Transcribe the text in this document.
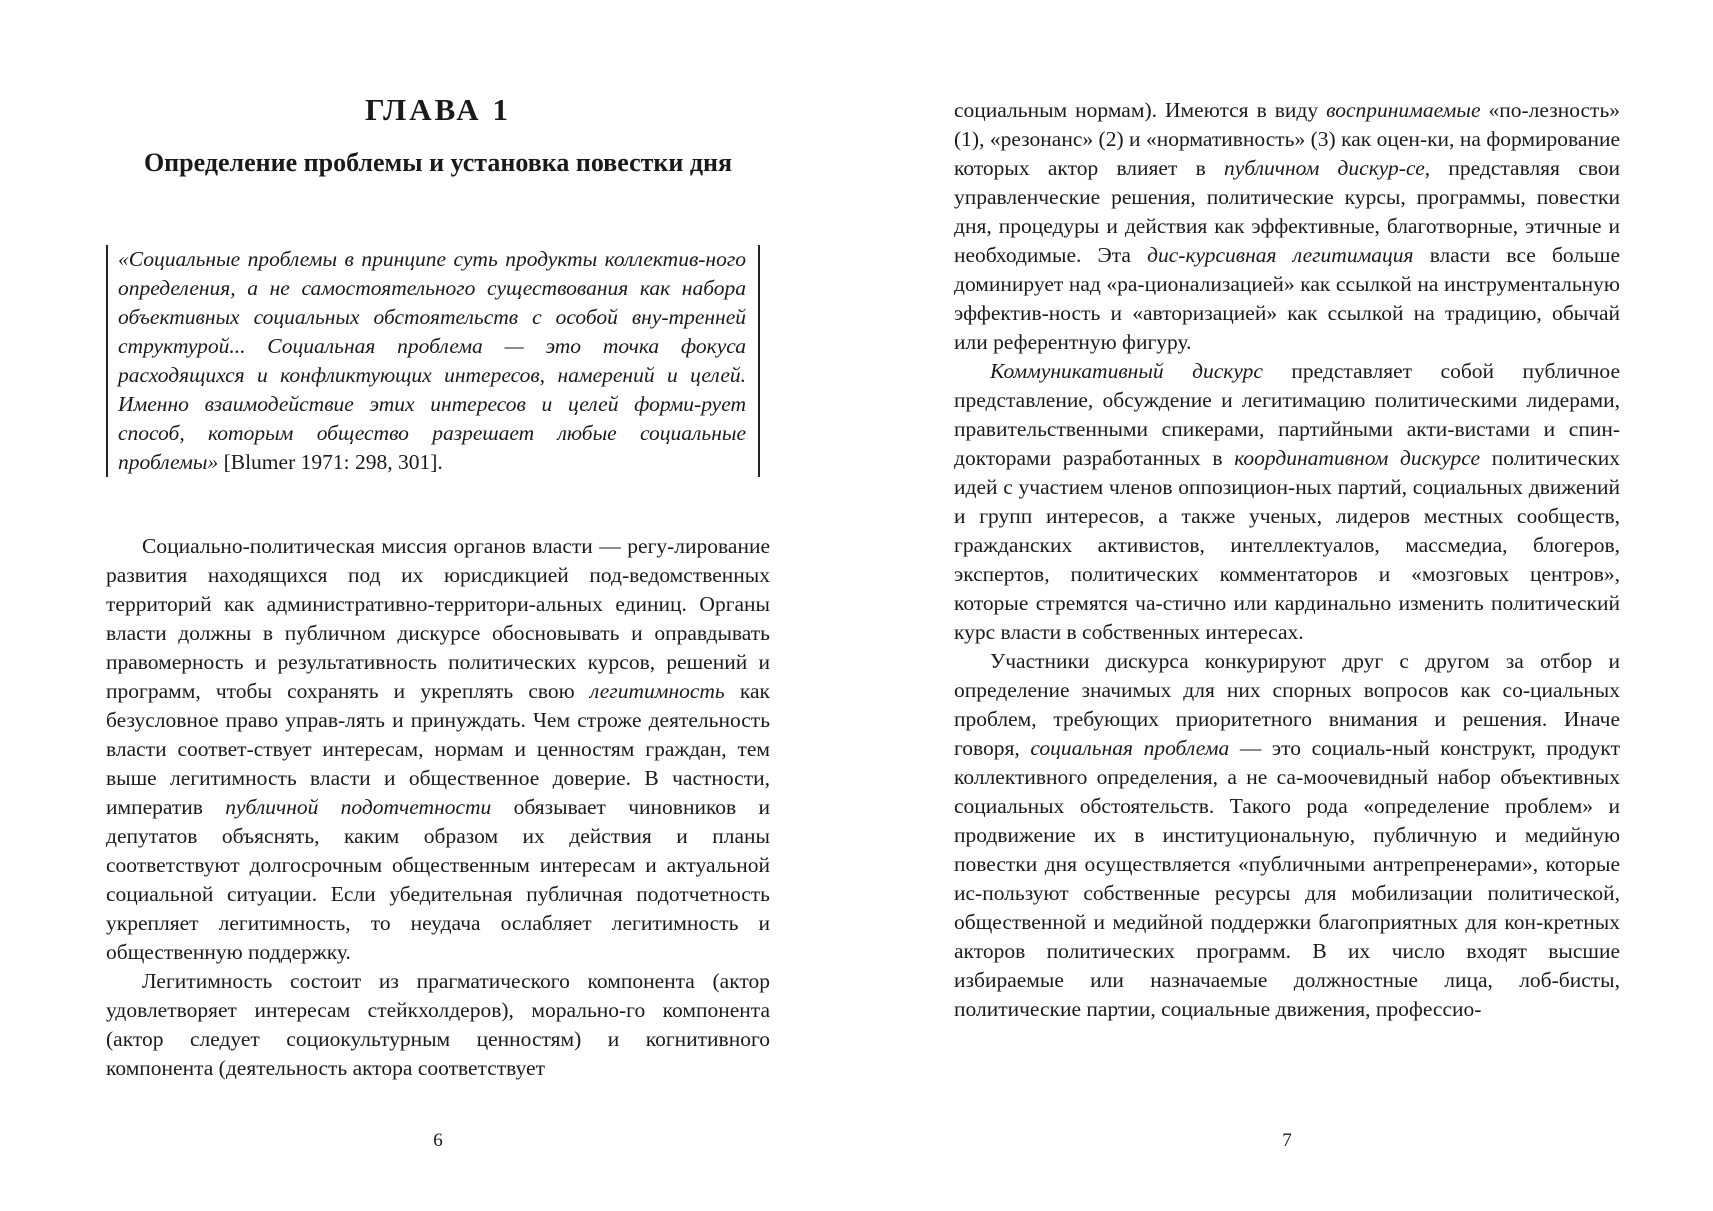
ГЛАВА 1
Определение проблемы и установка повестки дня

«Социальные проблемы в принципе суть продукты коллектив-ного определения, а не самостоятельного существования как набора объективных социальных обстоятельств с особой вну-тренней структурой... Социальная проблема — это точка фокуса расходящихся и конфликтующих интересов, намерений и целей. Именно взаимодействие этих интересов и целей форми-рует способ, которым общество разрешает любые социальные проблемы» [Blumer 1971: 298, 301].

Социально-политическая миссия органов власти — регу-лирование развития находящихся под их юрисдикцией под-ведомственных территорий как административно-территори-альных единиц. Органы власти должны в публичном дискурсе обосновывать и оправдывать правомерность и результативность политических курсов, решений и программ, чтобы сохранять и укреплять свою легитимность как безусловное право управ-лять и принуждать. Чем строже деятельность власти соответ-ствует интересам, нормам и ценностям граждан, тем выше легитимность власти и общественное доверие. В частности, императив публичной подотчетности обязывает чиновников и депутатов объяснять, каким образом их действия и планы соответствуют долгосрочным общественным интересам и актуальной социальной ситуации. Если убедительная публичная подотчетность укрепляет легитимность, то неудача ослабляет легитимность и общественную поддержку.

Легитимность состоит из прагматического компонента (актор удовлетворяет интересам стейкхолдеров), морально-го компонента (актор следует социокультурным ценностям) и когнитивного компонента (деятельность актора соответствует

6

социальным нормам). Имеются в виду воспринимаемые «по-лезность» (1), «резонанс» (2) и «нормативность» (3) как оцен-ки, на формирование которых актор влияет в публичном дискур-се, представляя свои управленческие решения, политические курсы, программы, повестки дня, процедуры и действия как эффективные, благотворные, этичные и необходимые. Эта дис-курсивная легитимация власти все больше доминирует над «ра-ционализацией» как ссылкой на инструментальную эффектив-ность и «авторизацией» как ссылкой на традицию, обычай или референтную фигуру.

Коммуникативный дискурс представляет собой публичное представление, обсуждение и легитимацию политическими лидерами, правительственными спикерами, партийными акти-вистами и спин-докторами разработанных в координативном дискурсе политических идей с участием членов оппозицион-ных партий, социальных движений и групп интересов, а также ученых, лидеров местных сообществ, гражданских активистов, интеллектуалов, массмедиа, блогеров, экспертов, политических комментаторов и «мозговых центров», которые стремятся ча-стично или кардинально изменить политический курс власти в собственных интересах.

Участники дискурса конкурируют друг с другом за отбор и определение значимых для них спорных вопросов как со-циальных проблем, требующих приоритетного внимания и решения. Иначе говоря, социальная проблема — это социаль-ный конструкт, продукт коллективного определения, а не са-моочевидный набор объективных социальных обстоятельств. Такого рода «определение проблем» и продвижение их в институциональную, публичную и медийную повестки дня осуществляется «публичными антрепренерами», которые ис-пользуют собственные ресурсы для мобилизации политической, общественной и медийной поддержки благоприятных для кон-кретных акторов политических программ. В их число входят высшие избираемые или назначаемые должностные лица, лоб-бисты, политические партии, социальные движения, профессио-

7
